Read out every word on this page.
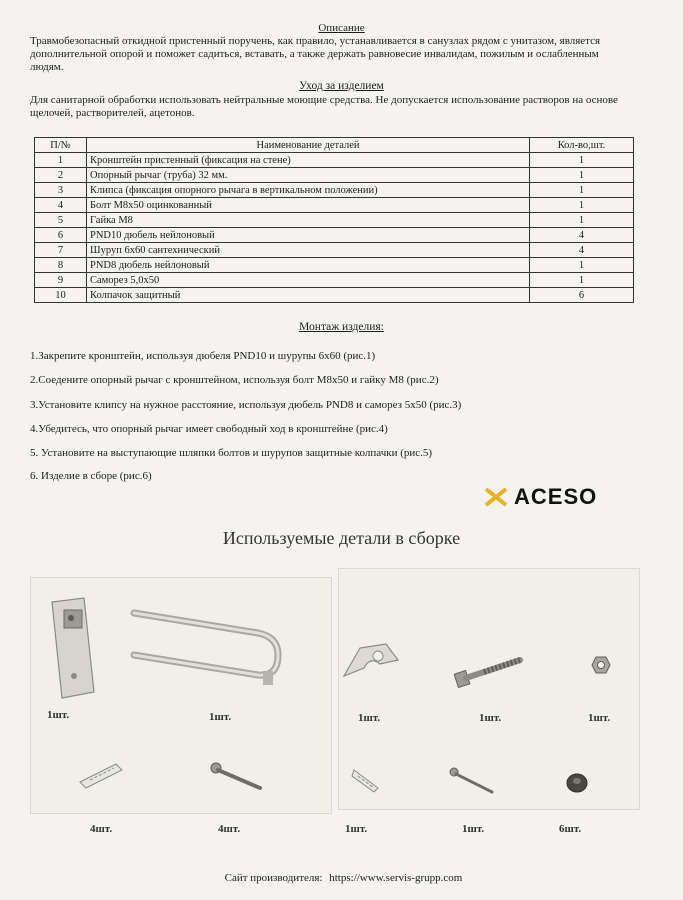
Описание
Травмобезопасный откидной пристенный поручень, как правило, устанавливается в санузлах рядом с унитазом, является дополнительной опорой и поможет садиться, вставать, а также держать равновесие инвалидам, пожилым и ослабленным людям.
Уход за изделием
Для санитарной обработки использовать нейтральные моющие средства. Не допускается использование растворов на основе щелочей, растворителей, ацетонов.
П/№	Наименование деталей	Кол-во,шт.
1	Кронштейн пристенный (фиксация на стене)	1
2	Опорный рычаг (труба) 32 мм.	1
3	Клипса (фиксация опорного рычага в вертикальном положении)	1
4	Болт М8х50 оцинкованный	1
5	Гайка М8	1
6	PND10 дюбель нейлоновый	4
7	Шуруп 6х60 сантехнический	4
8	PND8 дюбель нейлоновый	1
9	Саморез 5,0х50	1
10	Колпачок защитный	6
Монтаж изделия:
1.Закрепите кронштейн, используя дюбеля PND10 и шурупы 6х60 (рис.1)
2.Соедените опорный рычаг с кронштейном, используя болт М8х50 и гайку М8 (рис.2)
3.Установите клипсу на нужное расстояние, используя дюбель PND8 и саморез 5х50 (рис.3)
4.Убедитесь, что опорный рычаг имеет свободный ход в кронштейне (рис.4)
5. Установите на выступающие шляпки болтов и шурупов защитные колпачки (рис.5)
6. Изделие в сборе (рис.6)
ACESO
Используемые детали в сборке
1шт.	1шт.	1шт.	1шт.	1шт.
4шт.	4шт.	1шт.	1шт.	6шт.
Сайт производителя: https://www.servis-grupp.com
